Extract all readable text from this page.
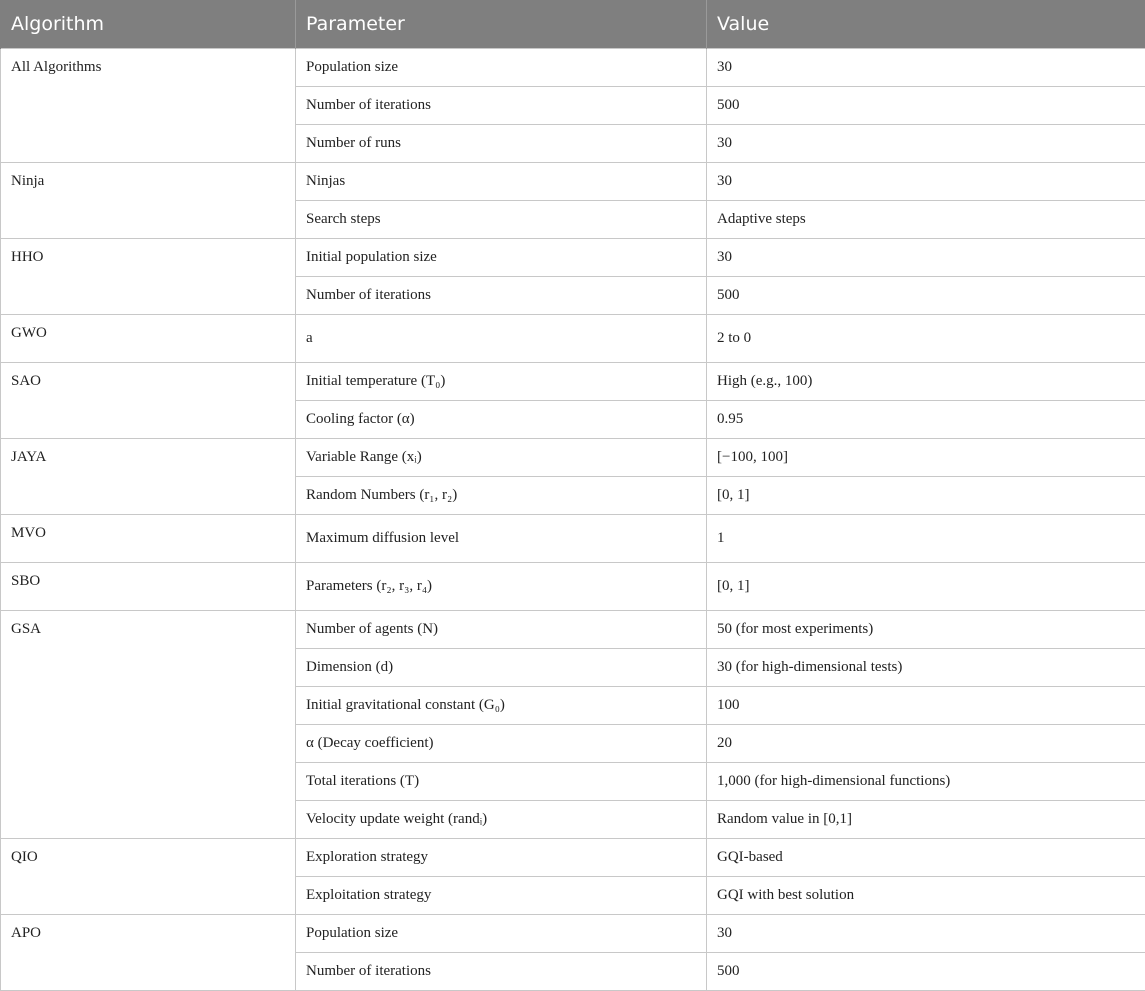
Algorithm	Parameter	Value
All Algorithms	Population size	30
	Number of iterations	500
	Number of runs	30
Ninja	Ninjas	30
	Search steps	Adaptive steps
HHO	Initial population size	30
	Number of iterations	500
GWO	a	2 to 0
SAO	Initial temperature (T₀)	High (e.g., 100)
	Cooling factor (α)	0.95
JAYA	Variable Range (xᵢ)	[−100, 100]
	Random Numbers (r₁, r₂)	[0, 1]
MVO	Maximum diffusion level	1
SBO	Parameters (r₂, r₃, r₄)	[0, 1]
GSA	Number of agents (N)	50 (for most experiments)
	Dimension (d)	30 (for high-dimensional tests)
	Initial gravitational constant (G₀)	100
	α (Decay coefficient)	20
	Total iterations (T)	1,000 (for high-dimensional functions)
	Velocity update weight (randᵢ)	Random value in [0,1]
QIO	Exploration strategy	GQI-based
	Exploitation strategy	GQI with best solution
APO	Population size	30
	Number of iterations	500
